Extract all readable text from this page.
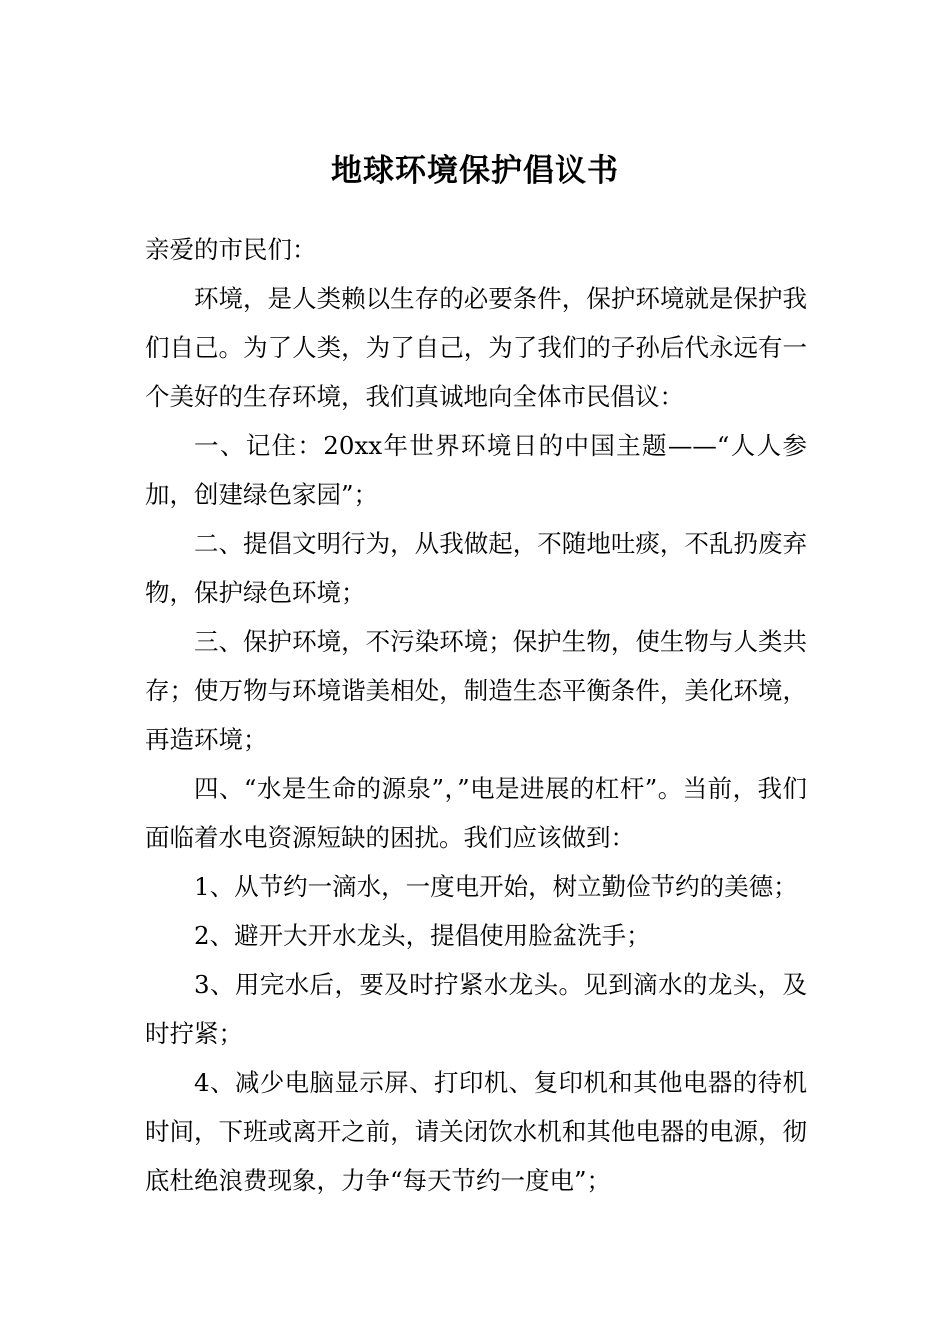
地球环境保护倡议书

亲爱的市民们：

环境，是人类赖以生存的必要条件，保护环境就是保护我们自己。为了人类，为了自己，为了我们的子孙后代永远有一个美好的生存环境，我们真诚地向全体市民倡议：

一、记住：20xx年世界环境日的中国主题——“人人参加，创建绿色家园”；

二、提倡文明行为，从我做起，不随地吐痰，不乱扔废弃物，保护绿色环境；

三、保护环境，不污染环境；保护生物，使生物与人类共存；使万物与环境谐美相处，制造生态平衡条件，美化环境，再造环境；

四、“水是生命的源泉”，”电是进展的杠杆”。当前，我们面临着水电资源短缺的困扰。我们应该做到：

1、从节约一滴水，一度电开始，树立勤俭节约的美德；

2、避开大开水龙头，提倡使用脸盆洗手；

3、用完水后，要及时拧紧水龙头。见到滴水的龙头，及时拧紧；

4、减少电脑显示屏、打印机、复印机和其他电器的待机时间，下班或离开之前，请关闭饮水机和其他电器的电源，彻底杜绝浪费现象，力争“每天节约一度电”；
